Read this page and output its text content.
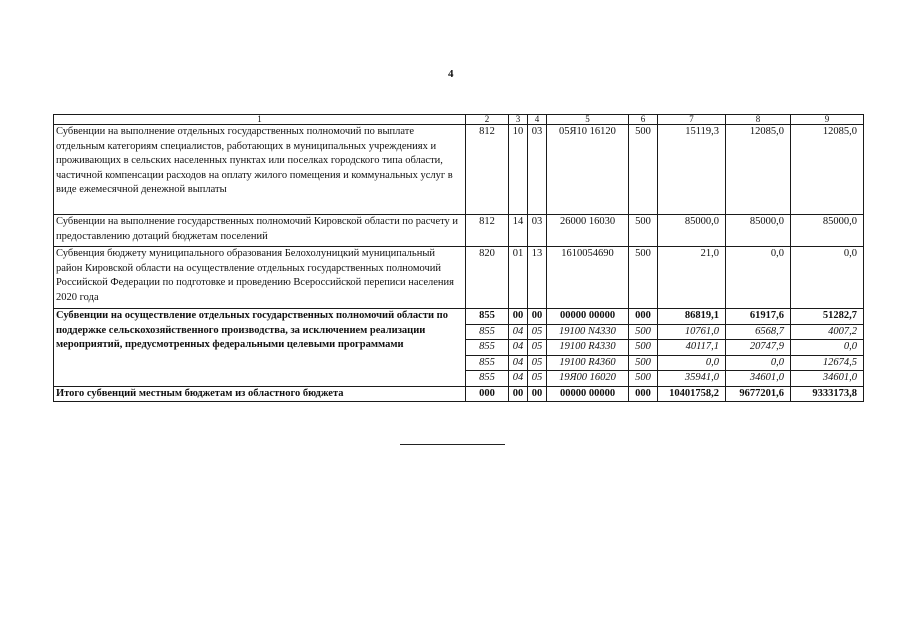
4
1	2	3	4	5	6	7	8	9
Субвенции на выполнение отдельных государственных полномочий по выплате отдельным категориям специалистов, работающих в муниципальных учреждениях и проживающих в сельских населенных пунктах или поселках городского типа области, частичной компенсации расходов на оплату жилого помещения и коммунальных услуг в виде ежемесячной денежной выплаты	812	10	03	05Я10 16120	500	15119,3	12085,0	12085,0
Субвенции на выполнение государственных полномочий Кировской области по расчету и предоставлению дотаций бюджетам поселений	812	14	03	26000 16030	500	85000,0	85000,0	85000,0
Субвенция бюджету муниципального образования Белохолуницкий муниципальный район Кировской области на осуществление отдельных государственных полномочий Российской Федерации по подготовке и проведению Всероссийской переписи населения 2020 года	820	01	13	1610054690	500	21,0	0,0	0,0
Субвенции на осуществление отдельных государственных полномочий области по поддержке сельскохозяйственного производства, за исключением реализации мероприятий, предусмотренных федеральными целевыми программами	855	00	00	00000 00000	000	86819,1	61917,6	51282,7
	855	04	05	19100 N4330	500	10761,0	6568,7	4007,2
	855	04	05	19100 R4330	500	40117,1	20747,9	0,0
	855	04	05	19100 R4360	500	0,0	0,0	12674,5
	855	04	05	19Я00 16020	500	35941,0	34601,0	34601,0
Итого субвенций местным бюджетам из областного бюджета	000	00	00	00000 00000	000	10401758,2	9677201,6	9333173,8
